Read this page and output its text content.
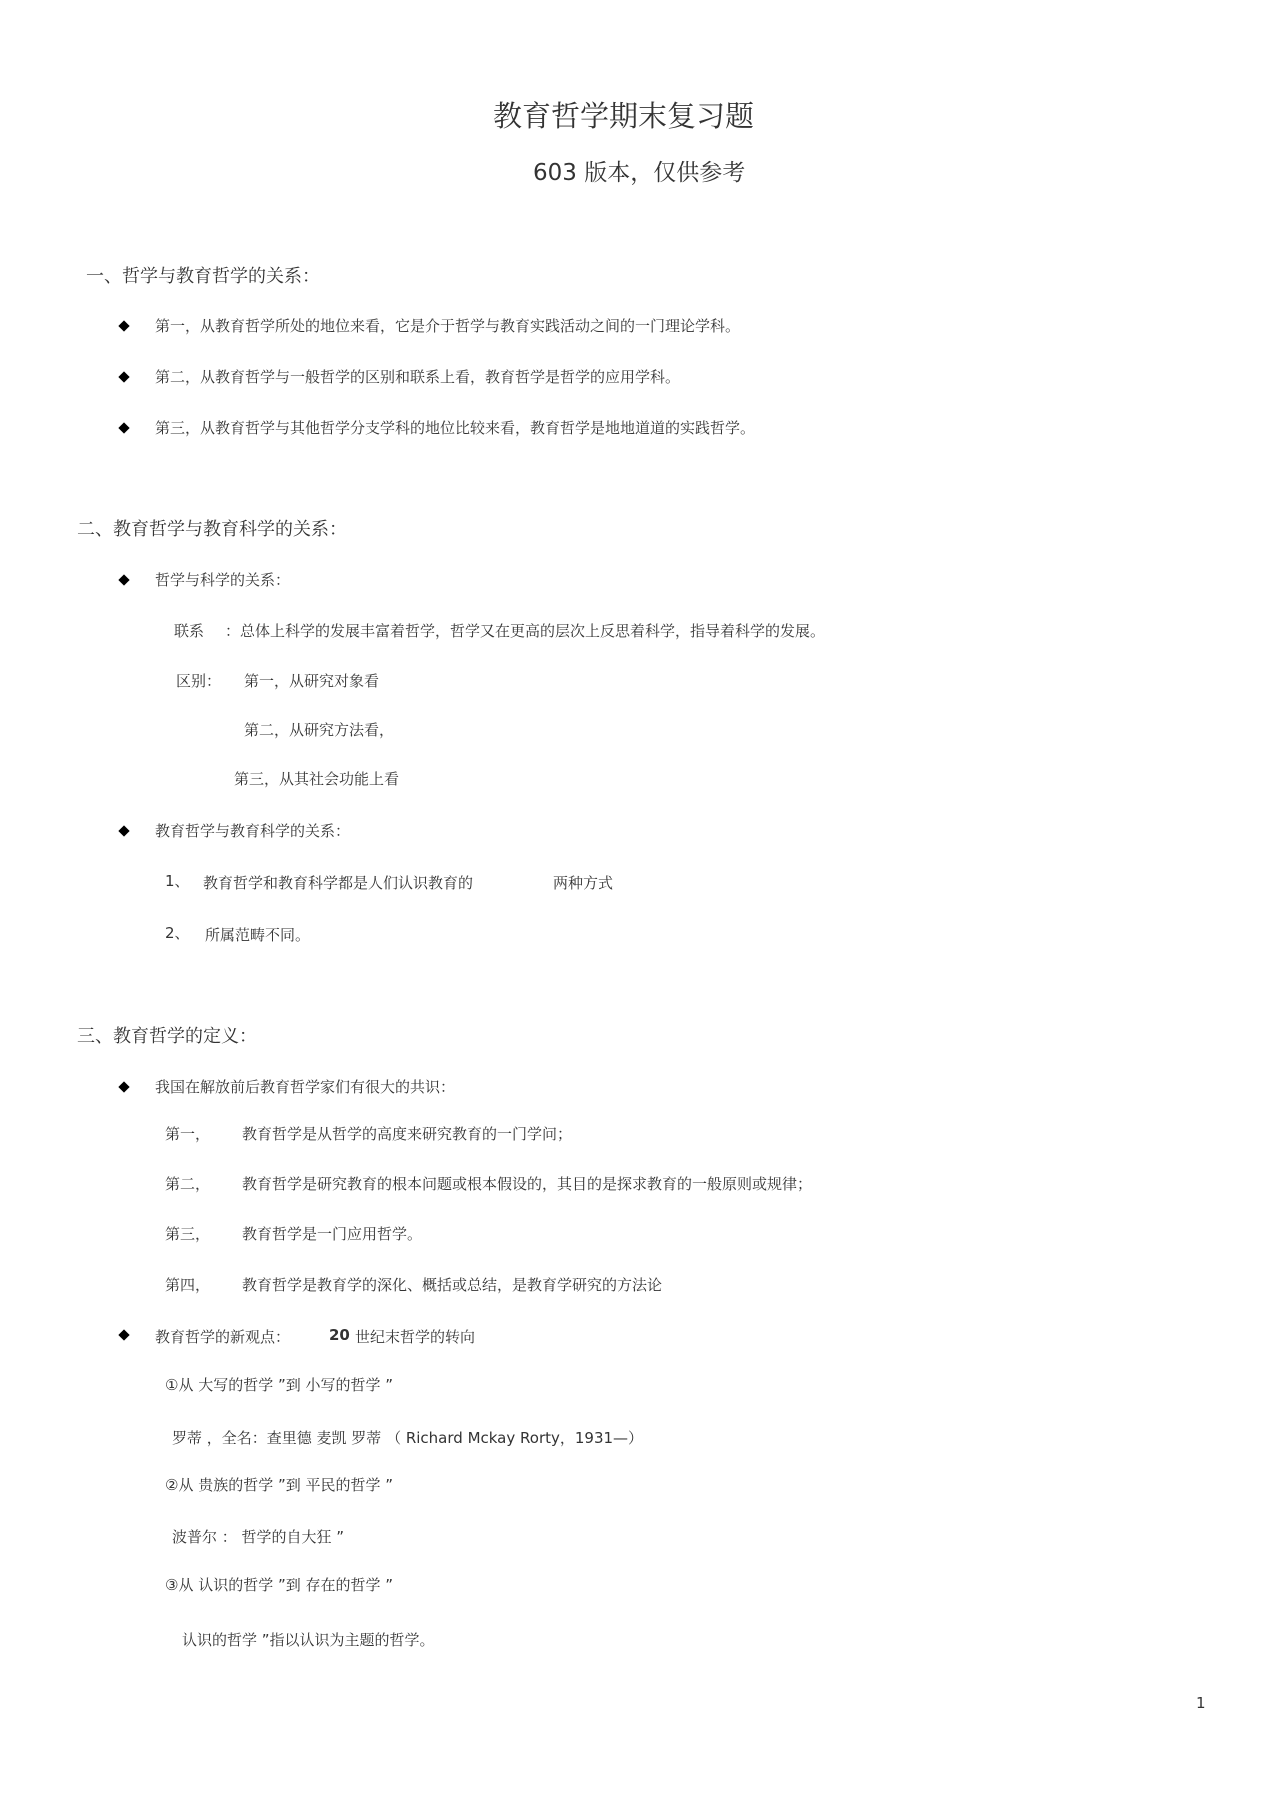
教育哲学期末复习题
603 版本，仅供参考
一、哲学与教育哲学的关系：
第一，从教育哲学所处的地位来看，它是介于哲学与教育实践活动之间的一门理论学科。
第二，从教育哲学与一般哲学的区别和联系上看，教育哲学是哲学的应用学科。
第三，从教育哲学与其他哲学分支学科的地位比较来看，教育哲学是地地道道的实践哲学。
二、教育哲学与教育科学的关系：
哲学与科学的关系：
联系 ：总体上科学的发展丰富着哲学，哲学又在更高的层次上反思着科学，指导着科学的发展。
区别： 第一，从研究对象看
第二，从研究方法看，
第三，从其社会功能上看
教育哲学与教育科学的关系：
1、 教育哲学和教育科学都是人们认识教育的	两种方式
2、 所属范畴不同。
三、教育哲学的定义：
我国在解放前后教育哲学家们有很大的共识：
第一， 教育哲学是从哲学的高度来研究教育的一门学问；
第二， 教育哲学是研究教育的根本问题或根本假设的，其目的是探求教育的一般原则或规律；
第三， 教育哲学是一门应用哲学。
第四， 教育哲学是教育学的深化、概括或总结，是教育学研究的方法论
教育哲学的新观点：	20 世纪末哲学的转向
①从 大写的哲学 ”到 小写的哲学 ”
罗蒂 ，全名：查里德 麦凯 罗蒂 （ Richard Mckay Rorty，1931—）
②从 贵族的哲学 ”到 平民的哲学 ”
波普尔 ： 哲学的自大狂 ”
③从 认识的哲学 ”到 存在的哲学 ”
认识的哲学 ”指以认识为主题的哲学。
1
